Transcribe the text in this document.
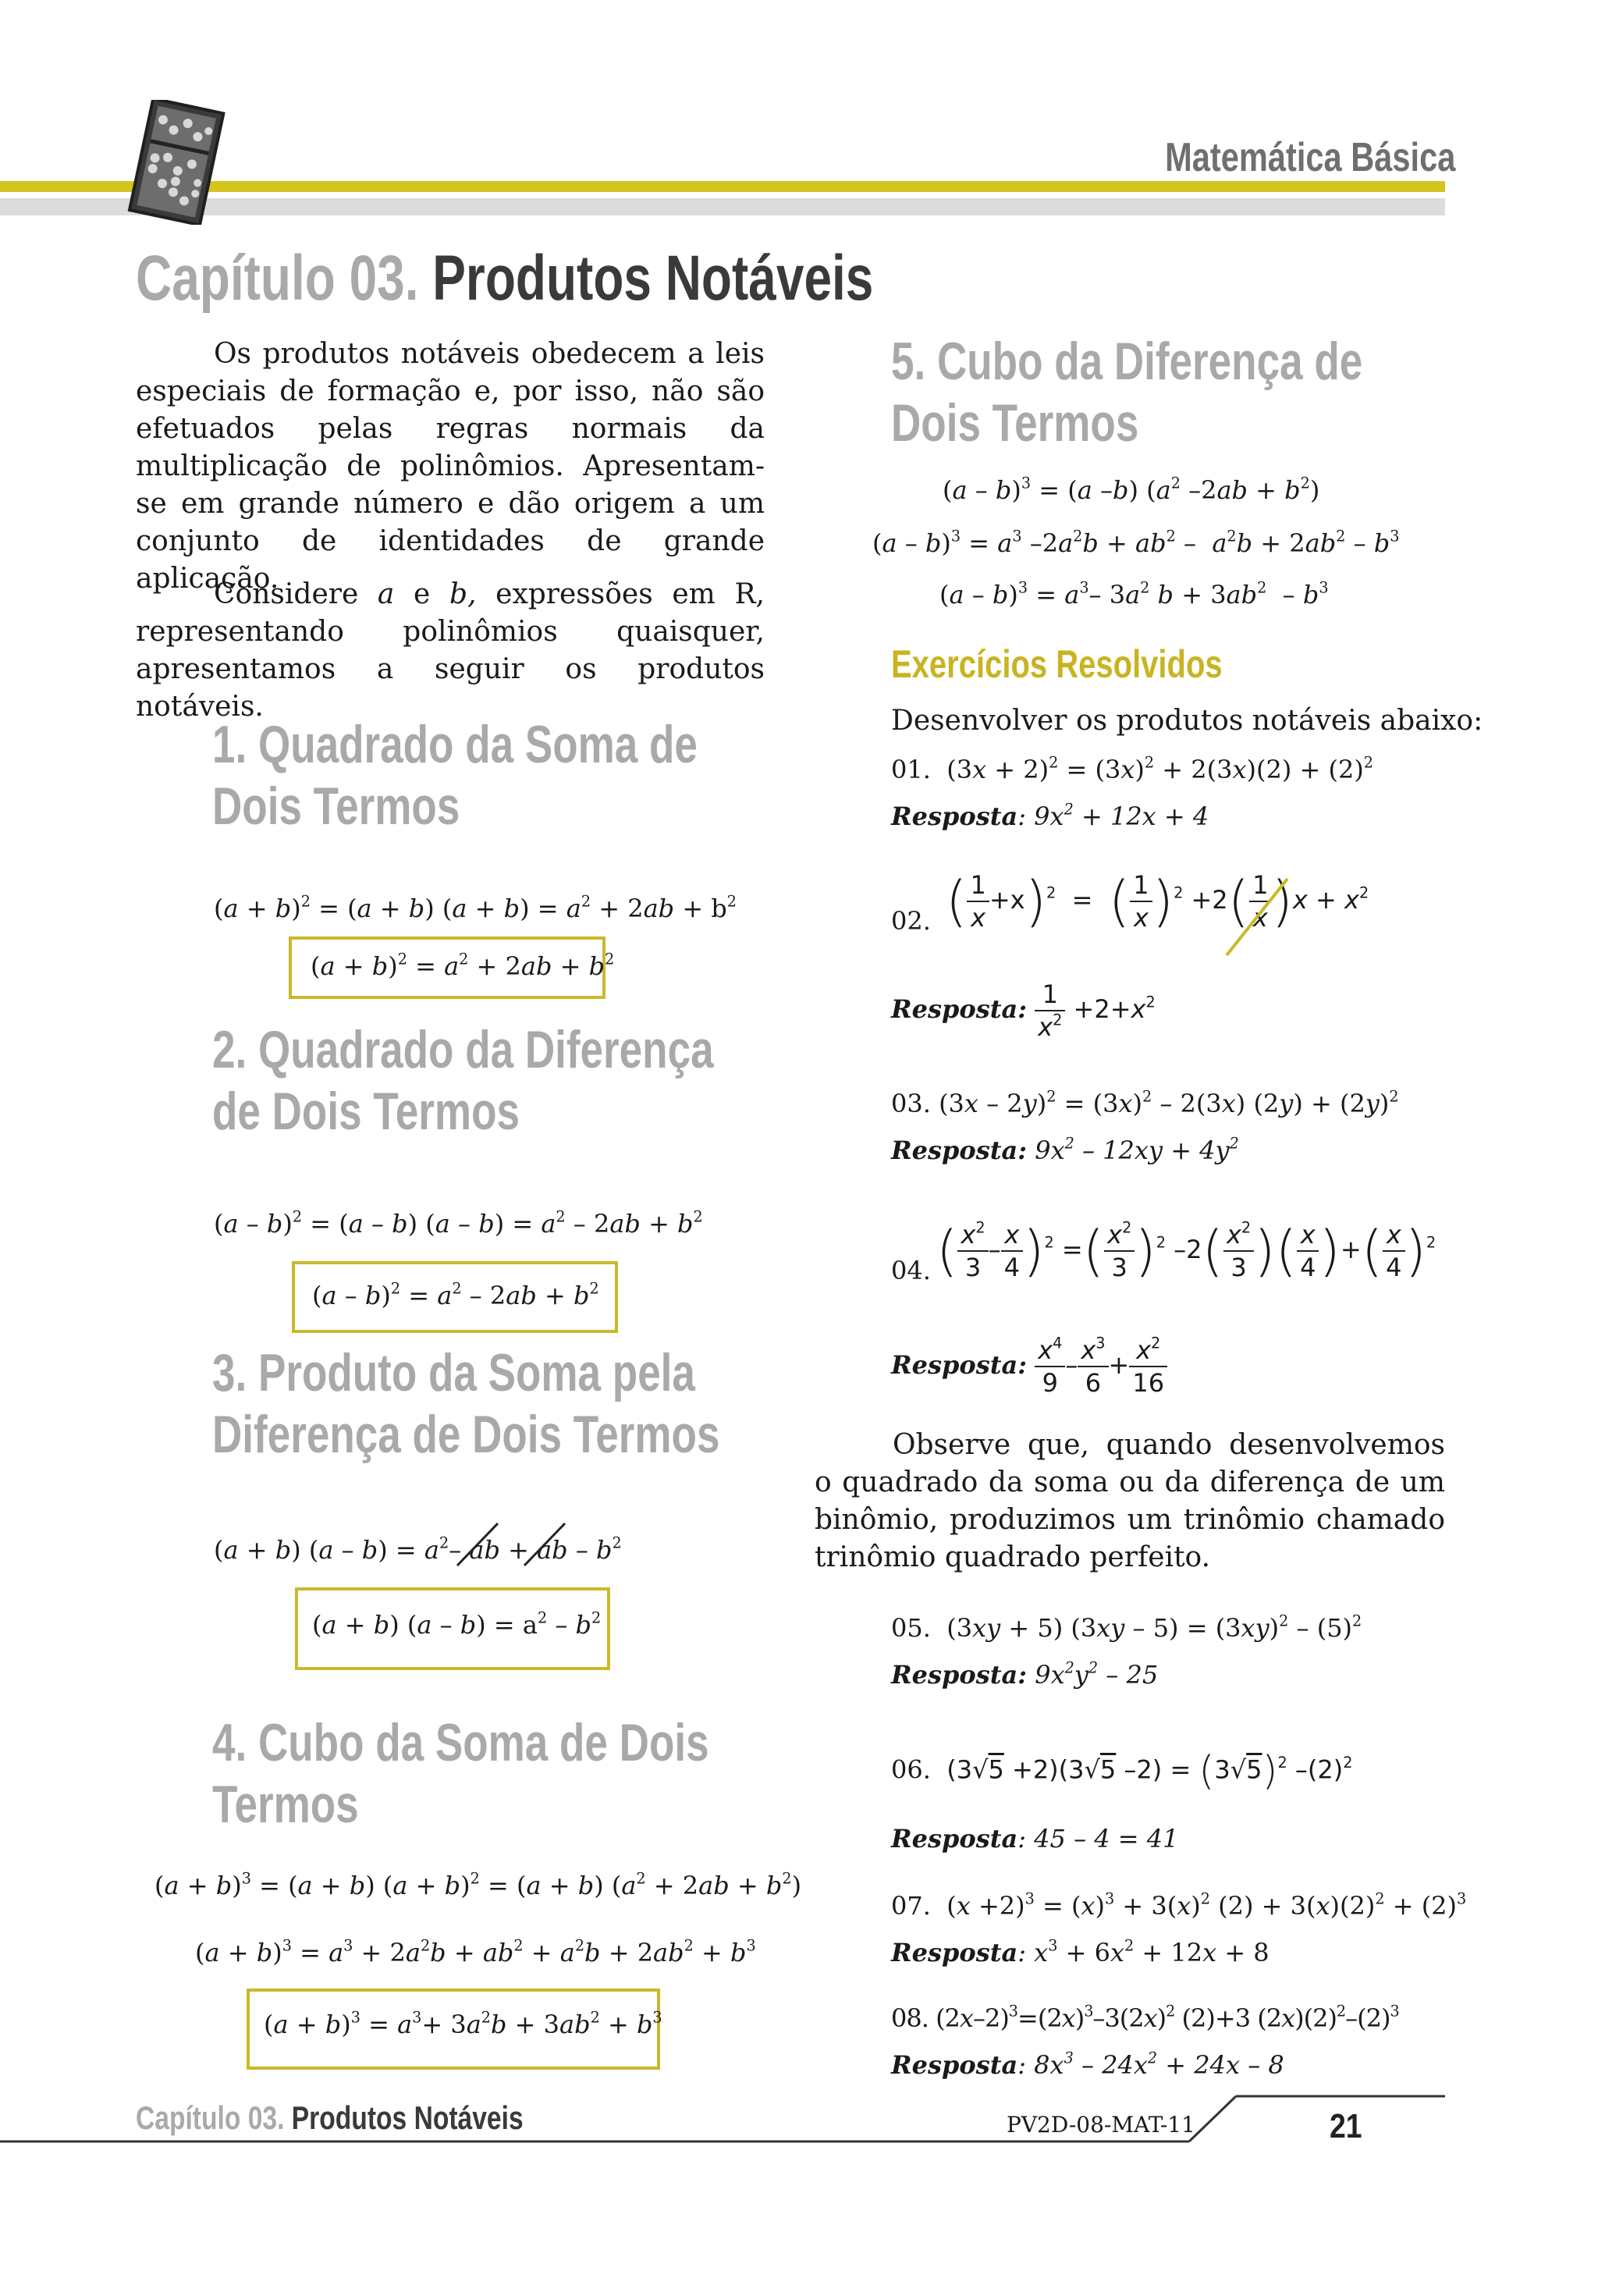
Matemática Básica
Capítulo 03. Produtos Notáveis
Os produtos notáveis obedecem a leis especiais de formação e, por isso, não são efetuados pelas regras normais da multiplicação de polinômios. Apresentam-se em grande número e dão origem a um conjunto de identidades de grande aplicação.
Considere a e b, expressões em R, representando polinômios quaisquer, apresentamos a seguir os produtos notáveis.
1. Quadrado da Soma de
Dois Termos
$(a + b)^2 = (a + b)$ $(a + b) = a^2 + 2ab + b^2$
$(a + b)^2 = a^2 + 2ab + b^2$
2. Quadrado da Diferença
de Dois Termos
(a – b)$^2$ = (a – b) $(a - b) = a^2 - 2ab + b^2$
$(a - b)^2 = a^2 - 2ab + b^2$
3. Produto da Soma pela
Diferença de Dois Termos
(a + b) $(a - b) = a^2-$ ab + ab – $b^2$
(a + b) $(a - b) = a^2 - b^2$
4. Cubo da Soma de Dois
Termos
$(a + b)^3 = (a + b)$ $(a + b)^2 = (a + b)$ $(a^2 + 2ab + b^2)$
$(a + b)^3 = a^3 + 2a^2b + ab^2 + a^2b + 2ab^2 + b^3$
$(a + b)^3 = a^3+ 3a^2b + 3ab^2 + b^3$
5. Cubo da Diferença de
Dois Termos
(a – b)$^3$ = (a –b) ($a^2$ $-2ab + b^2$)
$(a - b)^3 = a^3$ $-2a^2b + ab^2 - a^2b + 2ab^2 - b^3$
$(a - b)^3 = a^3-$ $3a^2$ $b + 3ab^2 - b^3$
Exercícios Resolvidos
Desenvolver os produtos notáveis abaixo:
01.  $(3x + 2)^2 = (3x)^2 + 2(3x)(2) + (2)^2$
Resposta: $9x^2 + 12x + 4$
02. ( $\frac{1}{x} +x)^2$  =  ( $\frac{1}{x} )^2 +2( \frac{1}{x} )x + x^2$
Resposta: $\frac{1}{x^2} +2+x^2$
03. $(3x - 2y)^2 = (3x)^2 - 2(3x) (2y) + (2y)^2$
Resposta: $9x^2 - 12xy + 4y^2$
04. ( $\frac{x^2}{3} - \frac{x}{4} )^2$ =( $\frac{x^2}{3} )^2$ $-2( \frac{x^2}{3}$ )( $\frac{x}{4}$ )+( $\frac{x}{4} )^2$
Resposta: $\frac{x^4}{9} - \frac{x^3}{6} + \frac{x^2}{16}$
Observe que, quando desenvolvemos o quadrado da soma ou da diferença de um binômio, produzimos um trinômio chamado trinômio quadrado perfeito.
05.  (3xy + 5) $(3xy - 5) = (3xy)^2 - (5)^2$
Resposta: $9x^2y^2 - 25$
06.  (3√5 +2)(3√5 $-2) = (3√5)^2$ $-(2)^2$
Resposta: 45 – 4 = 41
07.  $(x +2)^3 = (x)^3 + 3(x)^2$ $(2) + 3(x)(2)^2 + (2)^3$
Resposta: $x^3 + 6x^2 + 12x + 8$
08. $(2x-2)^3=(2x)^3-3(2x)^2$ (2)+3 $(2x)(2)^2-(2)^3$
Resposta: $8x^3 - 24x^2 + 24x - 8$
Capítulo 03. Produtos Notáveis	PV2D-08-MAT-11	21
